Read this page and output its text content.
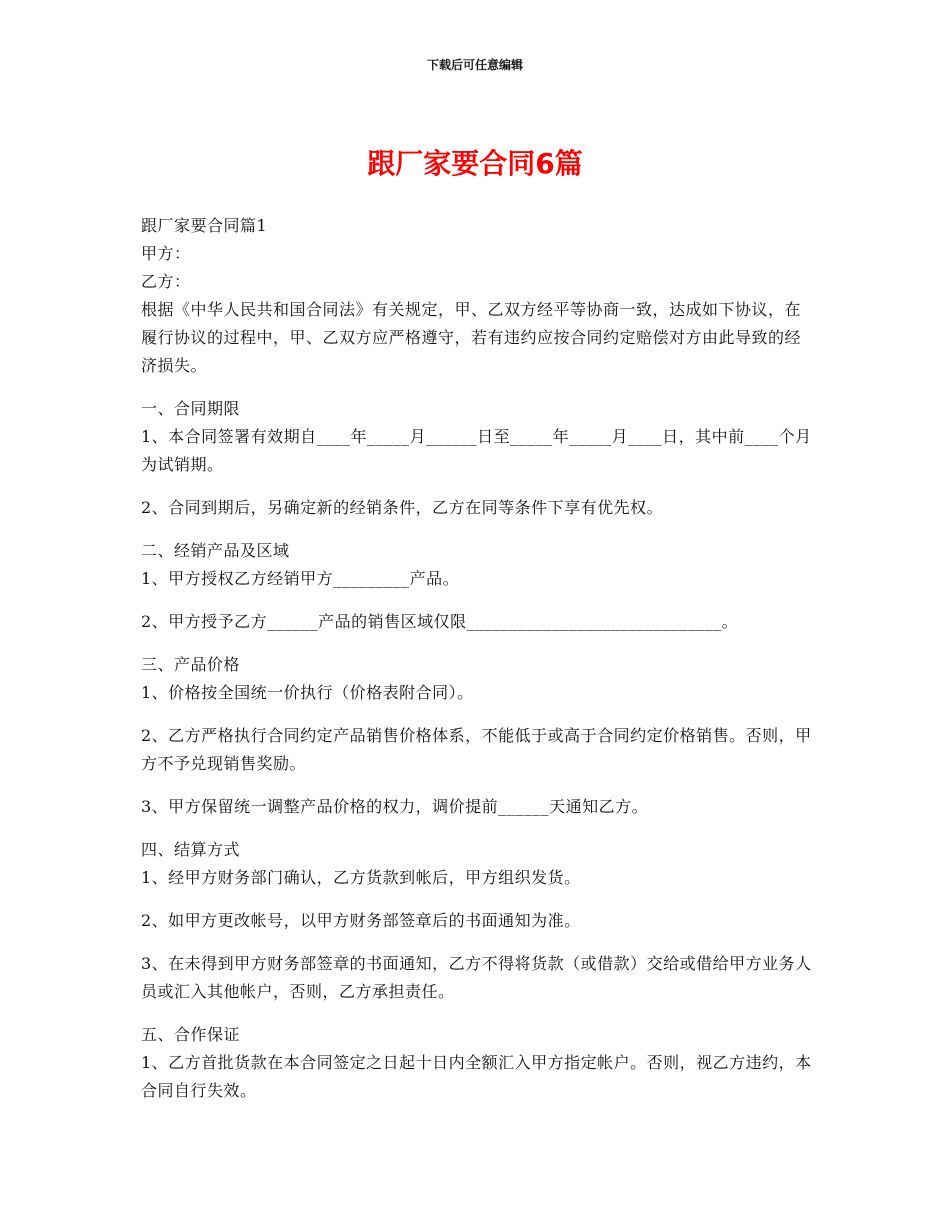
下载后可任意编辑
跟厂家要合同6篇

跟厂家要合同篇1

甲方：

乙方：

根据《中华人民共和国合同法》有关规定，甲、乙双方经平等协商一致，达成如下协议，在履行协议的过程中，甲、乙双方应严格遵守，若有违约应按合同约定赔偿对方由此导致的经济损失。

一、合同期限

1、本合同签署有效期自____年_____月______日至_____年_____月____日，其中前____个月为试销期。

2、合同到期后，另确定新的经销条件，乙方在同等条件下享有优先权。

二、经销产品及区域

1、甲方授权乙方经销甲方_________产品。

2、甲方授予乙方______产品的销售区域仅限______________________________。

三、产品价格

1、价格按全国统一价执行（价格表附合同）。

2、乙方严格执行合同约定产品销售价格体系，不能低于或高于合同约定价格销售。否则，甲方不予兑现销售奖励。

3、甲方保留统一调整产品价格的权力，调价提前______天通知乙方。

四、结算方式

1、经甲方财务部门确认，乙方货款到帐后，甲方组织发货。

2、如甲方更改帐号，以甲方财务部签章后的书面通知为准。

3、在未得到甲方财务部签章的书面通知，乙方不得将货款（或借款）交给或借给甲方业务人员或汇入其他帐户，否则，乙方承担责任。

五、合作保证

1、乙方首批货款在本合同签定之日起十日内全额汇入甲方指定帐户。否则，视乙方违约，本合同自行失效。
